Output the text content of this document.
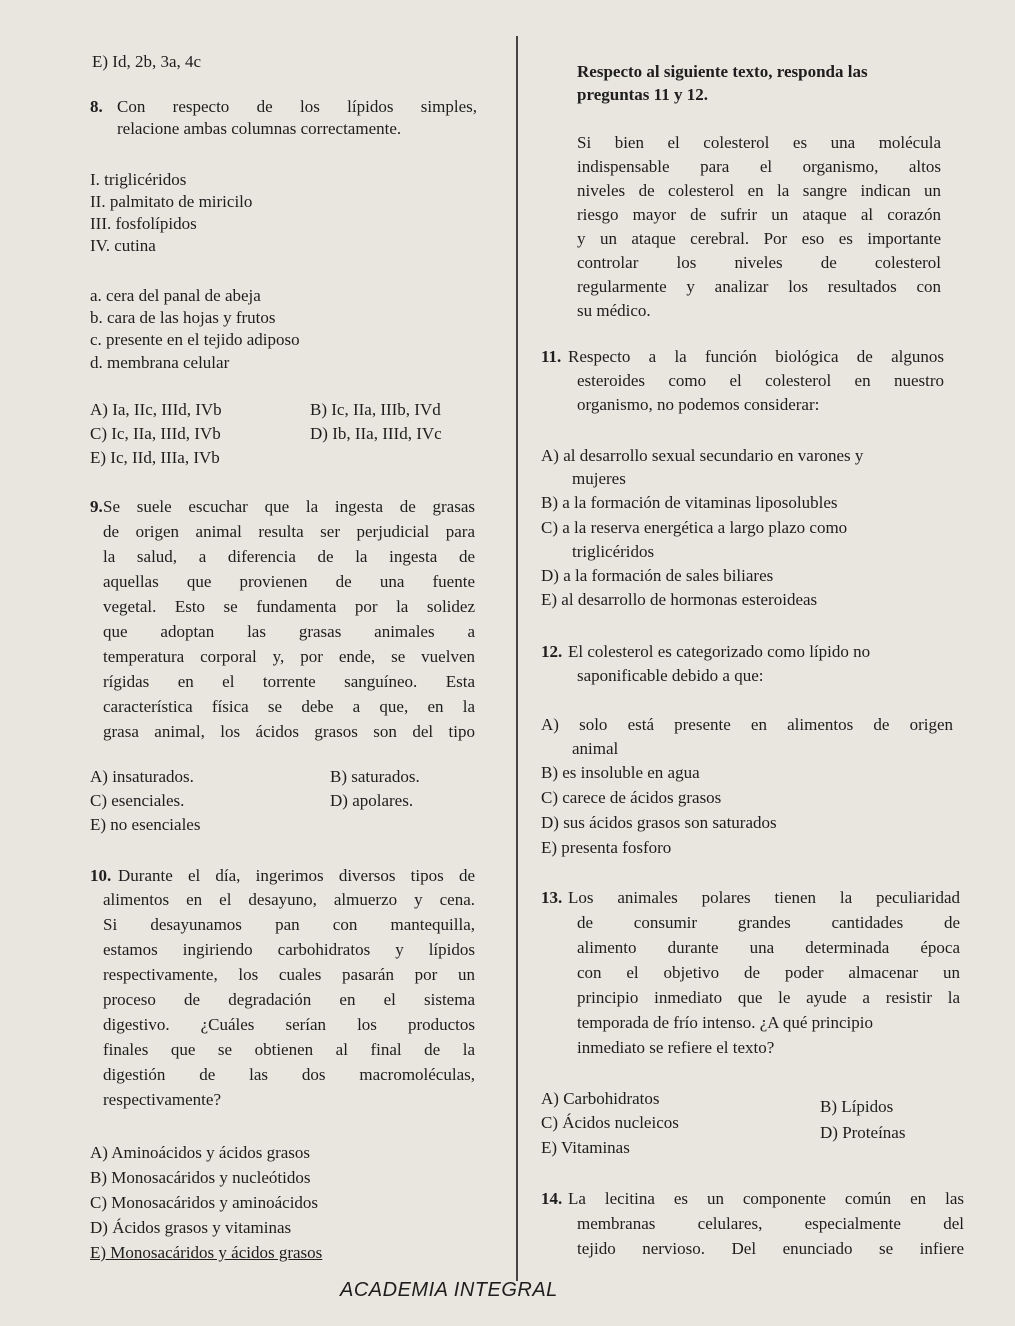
E) Id, 2b, 3a, 4c
8. Con respecto de los lípidos simples,
relacione ambas columnas correctamente.
I. triglicéridos
II. palmitato de miricilo
III. fosfolípidos
IV. cutina
a. cera del panal de abeja
b. cara de las hojas y frutos
c. presente en el tejido adiposo
d. membrana celular
A) Ia, IIc, IIId, IVb	B) Ic, IIa, IIIb, IVd
C) Ic, IIa, IIId, IVb	D) Ib, IIa, IIId, IVc
E) Ic, IId, IIIa, IVb
9. Se suele escuchar que la ingesta de grasas
de origen animal resulta ser perjudicial para
la salud, a diferencia de la ingesta de
aquellas que provienen de una fuente
vegetal. Esto se fundamenta por la solidez
que adoptan las grasas animales a
temperatura corporal y, por ende, se vuelven
rígidas en el torrente sanguíneo. Esta
característica física se debe a que, en la
grasa animal, los ácidos grasos son del tipo
A) insaturados.	B) saturados.
C) esenciales.	D) apolares.
E) no esenciales
10. Durante el día, ingerimos diversos tipos de
alimentos en el desayuno, almuerzo y cena.
Si desayunamos pan con mantequilla,
estamos ingiriendo carbohidratos y lípidos
respectivamente, los cuales pasarán por un
proceso de degradación en el sistema
digestivo. ¿Cuáles serían los productos
finales que se obtienen al final de la
digestión de las dos macromoléculas,
respectivamente?
A) Aminoácidos y ácidos grasos
B) Monosacáridos y nucleótidos
C) Monosacáridos y aminoácidos
D) Ácidos grasos y vitaminas
E) Monosacáridos y ácidos grasos
Respecto al siguiente texto, responda las
preguntas 11 y 12.
Si bien el colesterol es una molécula
indispensable para el organismo, altos
niveles de colesterol en la sangre indican un
riesgo mayor de sufrir un ataque al corazón
y un ataque cerebral. Por eso es importante
controlar los niveles de colesterol
regularmente y analizar los resultados con
su médico.
11. Respecto a la función biológica de algunos
esteroides como el colesterol en nuestro
organismo, no podemos considerar:
A) al desarrollo sexual secundario en varones y
mujeres
B) a la formación de vitaminas liposolubles
C) a la reserva energética a largo plazo como
triglicéridos
D) a la formación de sales biliares
E) al desarrollo de hormonas esteroideas
12. El colesterol es categorizado como lípido no
saponificable debido a que:
A) solo está presente en alimentos de origen
animal
B) es insoluble en agua
C) carece de ácidos grasos
D) sus ácidos grasos son saturados
E) presenta fosforo
13. Los animales polares tienen la peculiaridad
de consumir grandes cantidades de
alimento durante una determinada época
con el objetivo de poder almacenar un
principio inmediato que le ayude a resistir la
temporada de frío intenso. ¿A qué principio
inmediato se refiere el texto?
A) Carbohidratos	B) Lípidos
C) Ácidos nucleicos
D) Proteínas
E) Vitaminas
14. La lecitina es un componente común en las
membranas celulares, especialmente del
tejido nervioso. Del enunciado se infiere
ACADEMIA INTEGRAL
